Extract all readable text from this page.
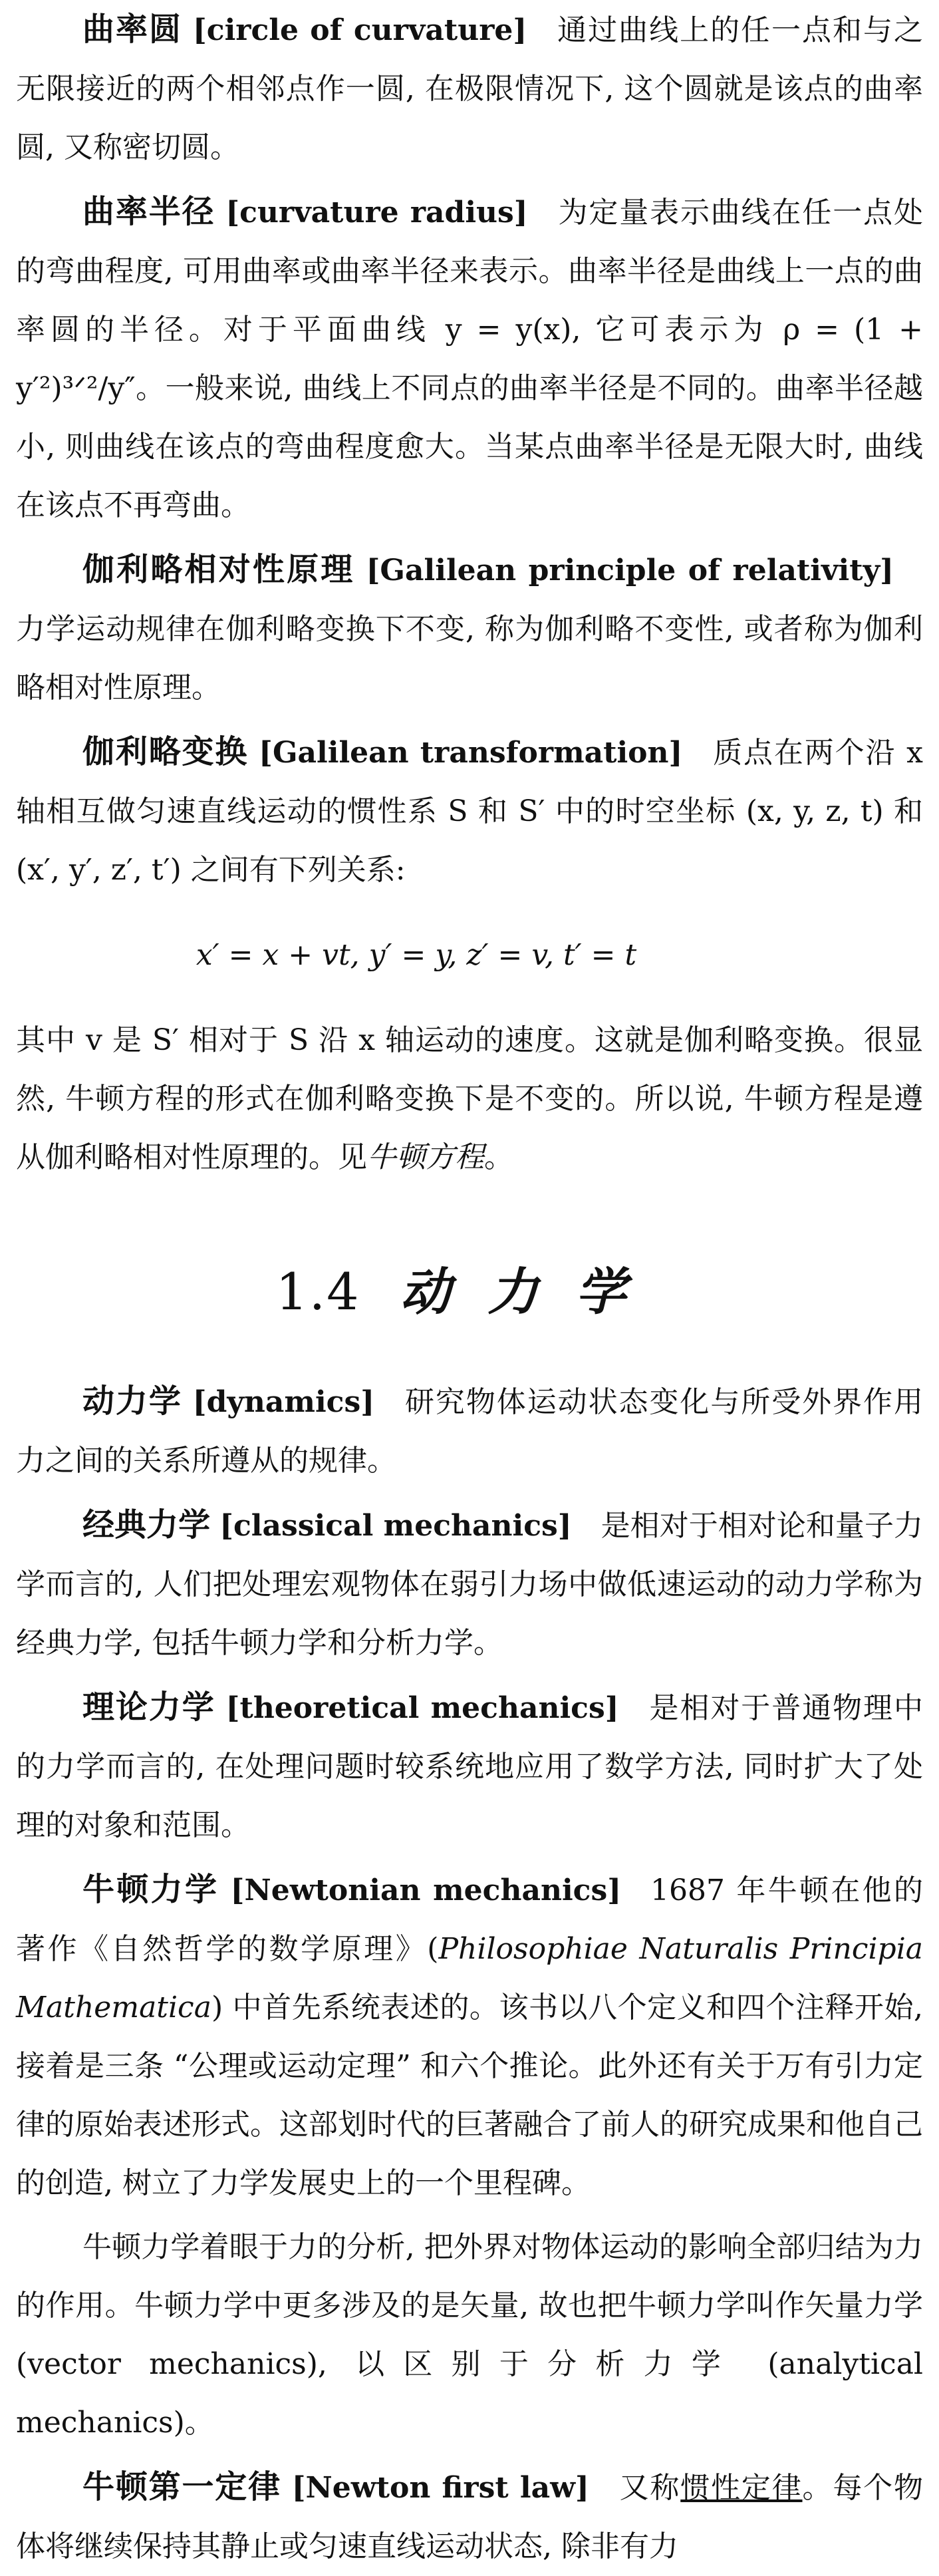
曲率圆 [circle of curvature] 通过曲线上的任一点和与之无限接近的两个相邻点作一圆, 在极限情况下, 这个圆就是该点的曲率圆, 又称密切圆。

曲率半径 [curvature radius] 为定量表示曲线在任一点处的弯曲程度, 可用曲率或曲率半径来表示。曲率半径是曲线上一点的曲率圆的半径。对于平面曲线 y = y(x), 它可表示为 ρ = (1 + y′²)³ᐟ²/y″。一般来说, 曲线上不同点的曲率半径是不同的。曲率半径越小, 则曲线在该点的弯曲程度愈大。当某点曲率半径是无限大时, 曲线在该点不再弯曲。

伽利略相对性原理 [Galilean principle of relativity]力学运动规律在伽利略变换下不变, 称为伽利略不变性, 或者称为伽利略相对性原理。

伽利略变换 [Galilean transformation] 质点在两个沿 x 轴相互做匀速直线运动的惯性系 S 和 S′ 中的时空坐标 (x, y, z, t) 和 (x′, y′, z′, t′) 之间有下列关系:

x′ = x + vt, y′ = y, z′ = v, t′ = t

其中 v 是 S′ 相对于 S 沿 x 轴运动的速度。这就是伽利略变换。很显然, 牛顿方程的形式在伽利略变换下是不变的。所以说, 牛顿方程是遵从伽利略相对性原理的。见牛顿方程。

1.4 动力学

动力学 [dynamics] 研究物体运动状态变化与所受外界作用力之间的关系所遵从的规律。

经典力学 [classical mechanics] 是相对于相对论和量子力学而言的, 人们把处理宏观物体在弱引力场中做低速运动的动力学称为经典力学, 包括牛顿力学和分析力学。

理论力学 [theoretical mechanics] 是相对于普通物理中的力学而言的, 在处理问题时较系统地应用了数学方法, 同时扩大了处理的对象和范围。

牛顿力学 [Newtonian mechanics] 1687 年牛顿在他的著作《自然哲学的数学原理》(Philosophiae Naturalis Principia Mathematica) 中首先系统表述的。该书以八个定义和四个注释开始, 接着是三条 “公理或运动定理” 和六个推论。此外还有关于万有引力定律的原始表述形式。这部划时代的巨著融合了前人的研究成果和他自己的创造, 树立了力学发展史上的一个里程碑。

牛顿力学着眼于力的分析, 把外界对物体运动的影响全部归结为力的作用。牛顿力学中更多涉及的是矢量, 故也把牛顿力学叫作矢量力学 (vector mechanics), 以区别于分析力学 (analytical mechanics)。

牛顿第一定律 [Newton first law] 又称惯性定律。每个物体将继续保持其静止或匀速直线运动状态, 除非有力
